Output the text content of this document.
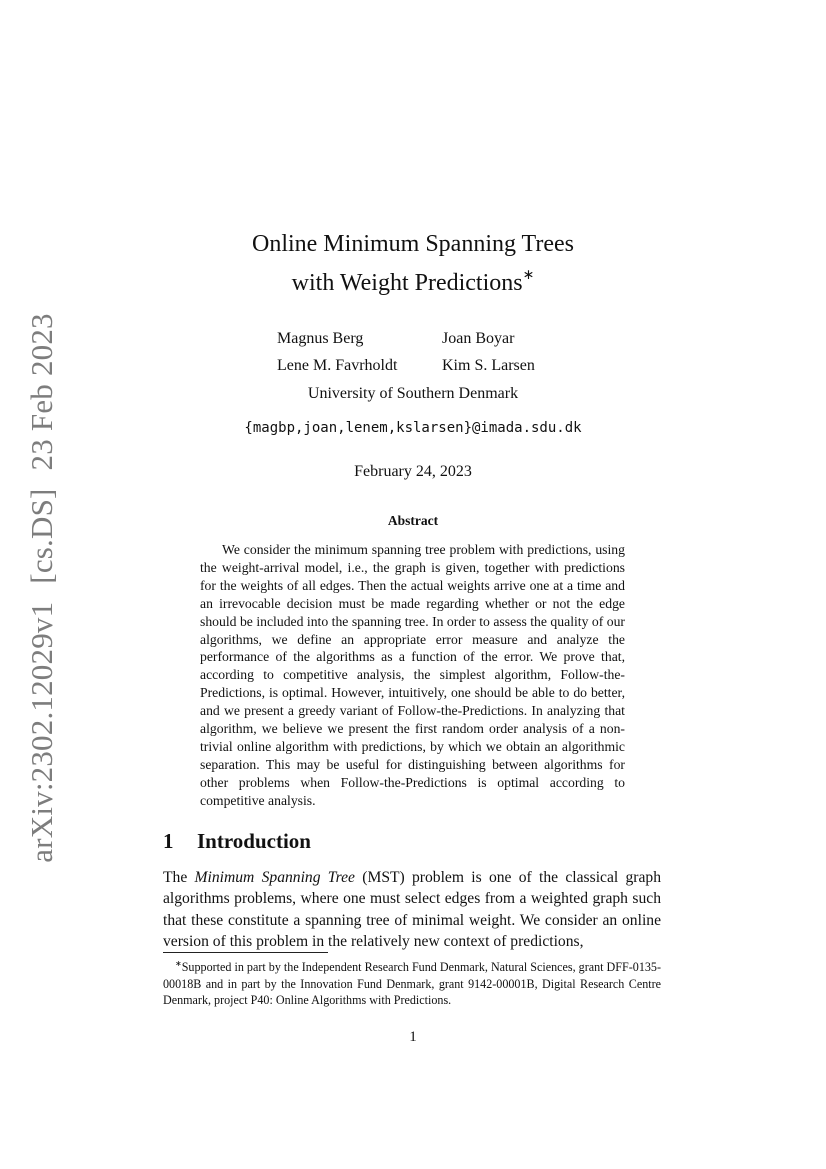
arXiv:2302.12029v1[cs.DS]23 Feb 2023
Online Minimum Spanning Trees
with Weight Predictions∗
Magnus Berg	Joan Boyar
Lene M. Favrholdt	Kim S. Larsen
University of Southern Denmark
{magbp,joan,lenem,kslarsen}@imada.sdu.dk
February 24, 2023
Abstract

We consider the minimum spanning tree problem with predictions, using the weight-arrival model, i.e., the graph is given, together with predictions for the weights of all edges. Then the actual weights arrive one at a time and an irrevocable decision must be made regarding whether or not the edge should be included into the spanning tree. In order to assess the quality of our algorithms, we define an appropriate error measure and analyze the performance of the algorithms as a function of the error. We prove that, according to competitive analysis, the simplest algorithm, Follow-the-Predictions, is optimal. However, intuitively, one should be able to do better, and we present a greedy variant of Follow-the-Predictions. In analyzing that algorithm, we believe we present the first random order analysis of a non-trivial online algorithm with predictions, by which we obtain an algorithmic separation. This may be useful for distinguishing between algorithms for other problems when Follow-the-Predictions is optimal according to competitive analysis.

1 Introduction

The Minimum Spanning Tree (MST) problem is one of the classical graph algorithms problems, where one must select edges from a weighted graph such that these constitute a spanning tree of minimal weight. We consider an online version of this problem in the relatively new context of predictions,

∗Supported in part by the Independent Research Fund Denmark, Natural Sciences, grant DFF-0135-00018B and in part by the Innovation Fund Denmark, grant 9142-00001B, Digital Research Centre Denmark, project P40: Online Algorithms with Predictions.

1
